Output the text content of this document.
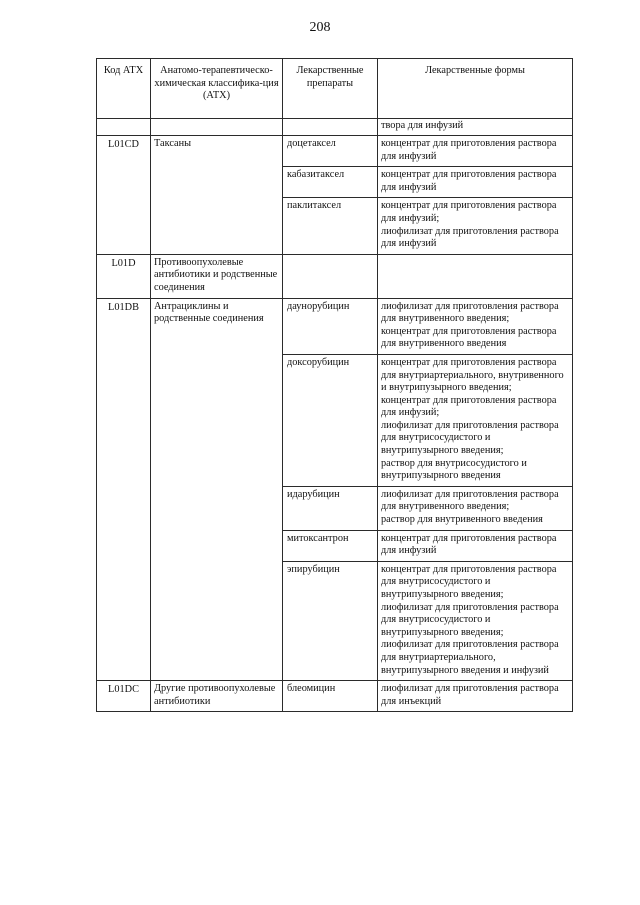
208
Код АТХ	Анатомо-терапевтическо-химическая классифика-ция (АТХ)	Лекарственные препараты	Лекарственные формы

			твора для инфузий

L01CD	Таксаны	доцетаксел	концентрат для приготовления раствора для инфузий

		кабазитаксел	концентрат для приготовления раствора для инфузий

		паклитаксел	концентрат для приготовления раствора для инфузий;
лиофилизат для приготовления раствора для инфузий

L01D	Противоопухолевые антибиотики и родственные соединения		
L01DB	Антрациклины и родственные соединения	даунорубицин	лиофилизат для приготовления раствора для внутривенного введения;
концентрат для приготовления раствора для внутривенного введения

		доксорубицин	концентрат для приготовления раствора для внутриартериального, внутривенного и внутрипузырного введения;
концентрат для приготовления раствора для инфузий;
лиофилизат для приготовления раствора для внутрисосудистого и внутрипузырного введения;
раствор для внутрисосудистого и внутрипузырного введения

		идарубицин	лиофилизат для приготовления раствора для внутривенного введения;
раствор для внутривенного введения

		митоксантрон	концентрат для приготовления раствора для инфузий

		эпирубицин	концентрат для приготовления раствора для внутрисосудистого и внутрипузырного введения;
лиофилизат для приготовления раствора для внутрисосудистого и внутрипузырного введения;
лиофилизат для приготовления раствора для внутриартериального, внутрипузырного введения и инфузий

L01DC	Другие противоопухолевые антибиотики	блеомицин	лиофилизат для приготовления раствора для инъекций
